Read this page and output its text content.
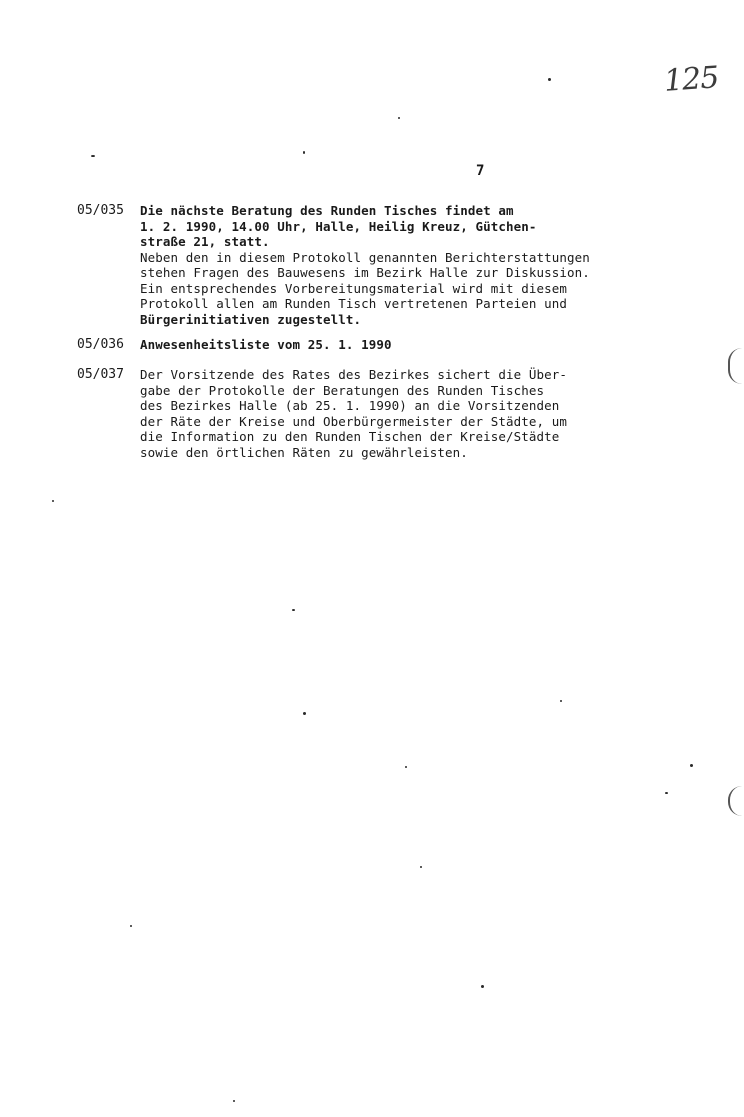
125
7
05/035 Die nächste Beratung des Runden Tisches findet am
1. 2. 1990, 14.00 Uhr, Halle, Heilig Kreuz, Gütchen-
straße 21, statt.
Neben den in diesem Protokoll genannten Berichterstattungen
stehen Fragen des Bauwesens im Bezirk Halle zur Diskussion.
Ein entsprechendes Vorbereitungsmaterial wird mit diesem
Protokoll allen am Runden Tisch vertretenen Parteien und
Bürgerinitiativen zugestellt.
05/036 Anwesenheitsliste vom 25. 1. 1990
05/037 Der Vorsitzende des Rates des Bezirkes sichert die Über-
gabe der Protokolle der Beratungen des Runden Tisches
des Bezirkes Halle (ab 25. 1. 1990) an die Vorsitzenden
der Räte der Kreise und Oberbürgermeister der Städte, um
die Information zu den Runden Tischen der Kreise/Städte
sowie den örtlichen Räten zu gewährleisten.
